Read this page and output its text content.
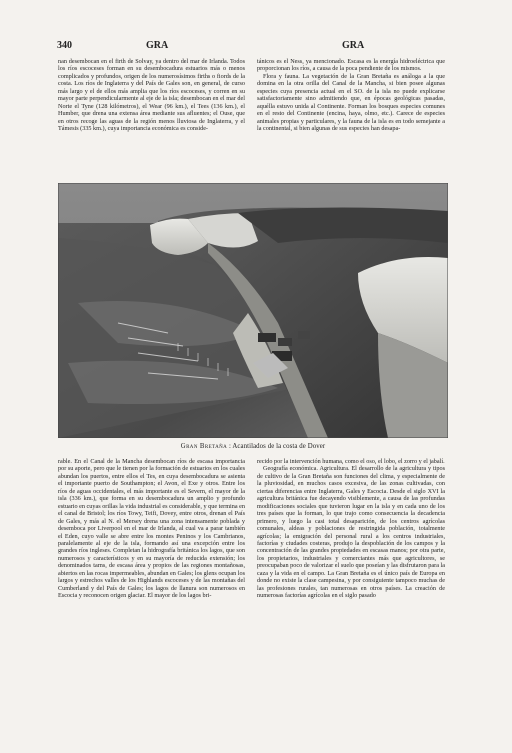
340	GRA	GRA

nan desembocan en el firth de Solvay, ya dentro del mar de Irlanda. Todos los ríos escoceses forman en su desembocadura estuarios más o menos complicados y profundos, origen de los numerosísimos firths o fiords de la costa. Los ríos de Inglaterra y del País de Gales son, en general, de curso más largo y el de ellos más amplia que los ríos escoceses, y corren en su mayor parte perpendicularmente al eje de la isla; desembocan en el mar del Norte el Tyne (128 kilómetros), el Wear (96 km.), el Tees (136 km.), el Humber, que drena una extensa área mediante sus afluentes; el Ouse, que en otros recoge las aguas de la región menos lluviosa de Inglaterra, y el Támesis (335 km.), cuya importancia económica es conside-

tánicos es el Ness, ya mencionado. Escasa es la energía hidroeléctrica que proporcionan los ríos, a causa de la poca pendiente de los mismos.

Flora y fauna. La vegetación de la Gran Bretaña es análoga a la que domina en la otra orilla del Canal de la Mancha, si bien posee algunas especies cuya presencia actual en el SO. de la isla no puede explicarse satisfactoriamente sino admitiendo que, en épocas geológicas pasadas, aquélla estuvo unida al Continente. Forman los bosques especies comunes en el resto del Continente (encina, haya, olmo, etc.). Carece de especies animales propias y particulares, y la fauna de la isla es en todo semejante a la continental, si bien algunas de sus especies han desapa-

Gran Bretaña : Acantilados de la costa de Dover

rable. En el Canal de la Mancha desembocan ríos de escasa importancia por su aporte, pero que le tienen por la formación de estuarios en los cuales abundan los puertos, entre ellos el Tes, en cuya desembocadura se asienta el importante puerto de Southampton; el Avon, el Exe y otros. Entre los ríos de aguas occidentales, el más importante es el Severn, el mayor de la isla (336 km.), que forma en su desembocadura un amplio y profundo estuario en cuyas orillas la vida industrial es considerable, y que termina en el canal de Bristol; los ríos Towy, Teifi, Dovey, entre otros, drenan el País de Gales, y más al N. el Mersey drena una zona intensamente poblada y desemboca por Liverpool en el mar de Irlanda, al cual va a parar también el Eden, cuyo valle se abre entre los montes Peninos y los Cambrianos, paralelamente al eje de la isla, formando así una excepción entre los grandes ríos ingleses. Completan la hidrografía británica los lagos, que son numerosos y característicos y en su mayoría de reducida extensión; los denominados tarns, de escasa área y propios de las regiones montañosas, abiertos en las rocas impermeables, abundan en Gales; los glens ocupan los largos y estrechos valles de los Highlands escoceses y de las montañas del Cumberland y del País de Gales; los lagos de llanura son numerosos en Escocia y reconocen origen glaciar. El mayor de los lagos bri-

recido por la intervención humana, como el oso, el lobo, el zorro y el jabalí.

Geografía económica. Agricultura. El desarrollo de la agricultura y tipos de cultivo de la Gran Bretaña son funciones del clima, y especialmente de la pluviosidad, en muchos casos excesiva, de las zonas cultivadas, con ciertas diferencias entre Inglaterra, Gales y Escocia. Desde el siglo XVI la agricultura británica fue decayendo visiblemente, a causa de las profundas modificaciones sociales que tuvieron lugar en la isla y en cada uno de los tres países que la forman, lo que trajo como consecuencia la decadencia primero, y luego la casi total desaparición, de los centros agrícolas comunales, aldeas y poblaciones de restringida población, totalmente agrícolas; la emigración del personal rural a los centros industriales, factorías y ciudades costeras, produjo la despoblación de los campos y la concentración de las grandes propiedades en escasas manos; por otra parte, los propietarios, industriales y comerciantes más que agricultores, se preocupaban poco de valorizar el suelo que poseían y las disfrutaron para la caza y la vida en el campo. La Gran Bretaña es el único país de Europa en donde no existe la clase campesina, y por consiguiente tampoco muchas de las profesiones rurales, tan numerosas en otros países. La creación de numerosas factorías agrícolas en el siglo pasado
